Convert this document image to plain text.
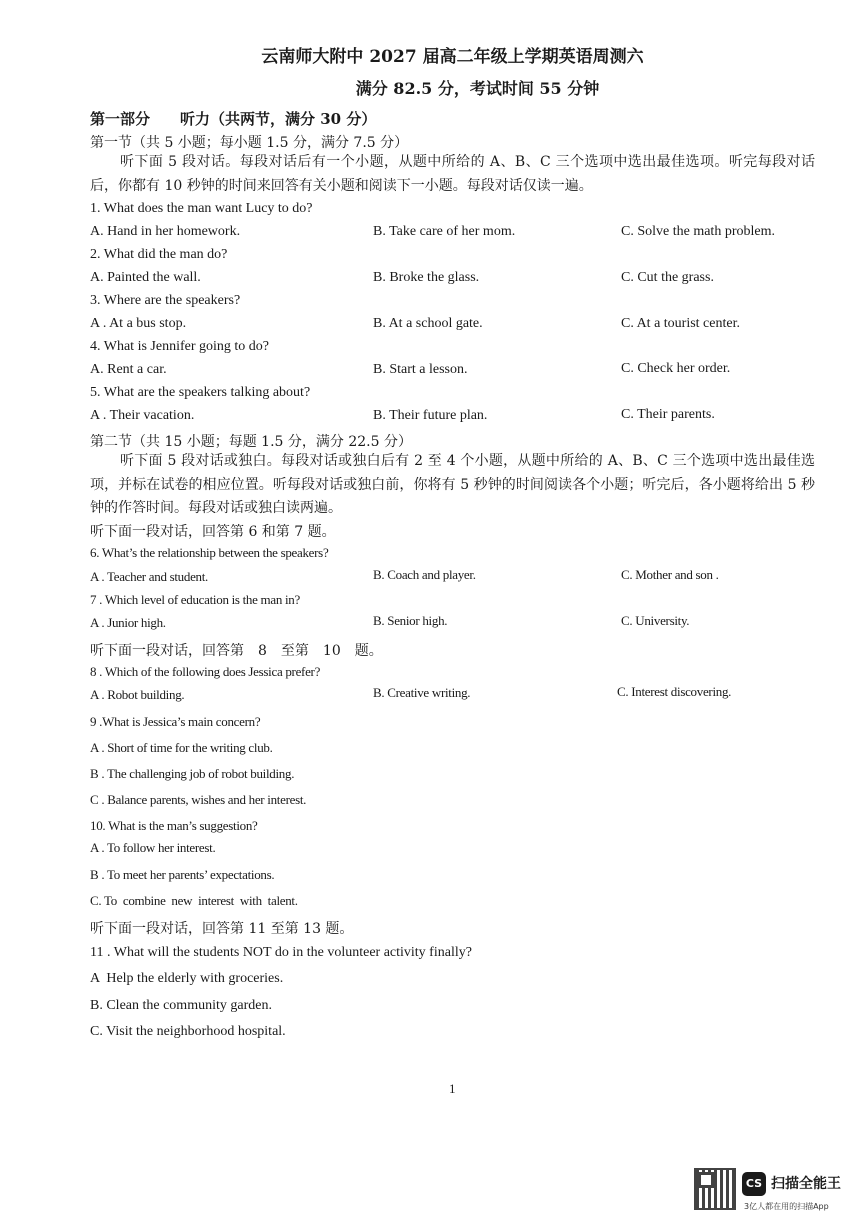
云南师大附中 2027 届高二年级上学期英语周测六
满分 82.5 分，考试时间 55 分钟
第一部分　　听力（共两节，满分 30 分）
第一节（共 5 小题；每小题 1.5 分，满分 7.5 分）
听下面 5 段对话。每段对话后有一个小题，从题中所给的 A、B、C 三个选项中选出最佳选项。听完每段对话后，你都有 10 秒钟的时间来回答有关小题和阅读下一小题。每段对话仅读一遍。
1. What does the man want Lucy to do?
A. Hand in her homework.	B. Take care of her mom.	C. Solve the math problem.
2. What did the man do?
A. Painted the wall.	B. Broke the glass.	C. Cut the grass.
3. Where are the speakers?
A . At a bus stop.	B. At a school gate.	C. At a tourist center.
4. What is Jennifer going to do?
A. Rent a car.	B. Start a lesson.	C. Check her order.
5. What are the speakers talking about?
A . Their vacation.	B. Their future plan.	C. Their parents.
第二节（共 15 小题；每题 1.5 分，满分 22.5 分）
听下面 5 段对话或独白。每段对话或独白后有 2 至 4 个小题，从题中所给的 A、B、C 三个选项中选出最佳选项，并标在试卷的相应位置。听每段对话或独白前，你将有 5 秒钟的时间阅读各个小题；听完后，各小题将给出 5 秒钟的作答时间。每段对话或独白读两遍。
听下面一段对话，回答第 6 和第 7 题。
6. What’s the relationship between the speakers?
A . Teacher and student.	B. Coach and player.	C. Mother and son .
7 . Which level of education is the man in?
A . Junior high.	B. Senior high.	C. University.
听下面一段对话，回答第　8　至第　10　题。
8 . Which of the following does Jessica prefer?
A . Robot building.	B. Creative writing.	C. Interest discovering.
9 .What is Jessica’s main concern?
A . Short of time for the writing club.
B . The challenging job of robot building.
C . Balance parents, wishes and her interest.
10. What is the man’s suggestion?
A . To follow her interest.
B . To meet her parents’ expectations.
C. To  combine  new  interest  with  talent.
听下面一段对话，回答第 11 至第 13 题。
11 . What will the students NOT do in the volunteer activity finally?
A  Help the elderly with groceries.
B. Clean the community garden.
C. Visit the neighborhood hospital.
1
CS 扫描全能王
3亿人都在用的扫描App
